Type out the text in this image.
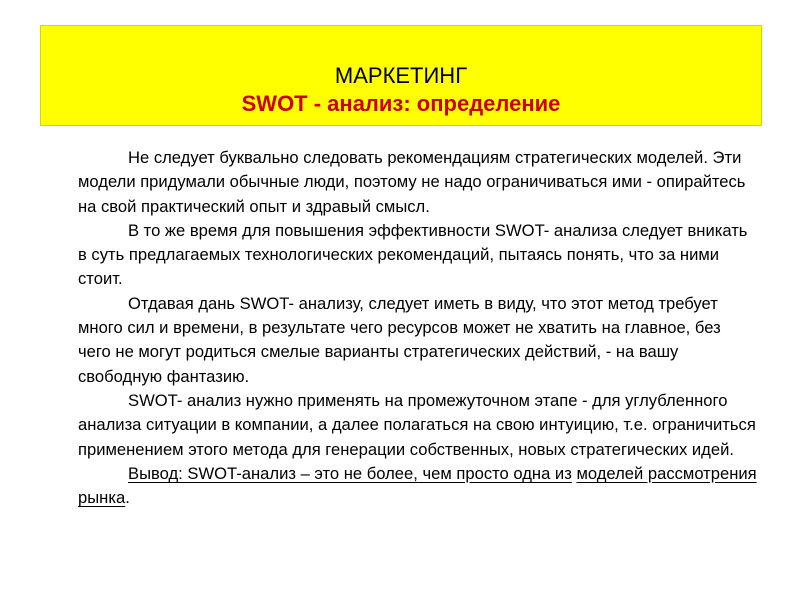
МАРКЕТИНГ
SWOT - анализ: определение

Не следует буквально следовать рекомендациям стратегических моделей. Эти модели придумали обычные люди, поэтому не надо ограничиваться ими - опирайтесь на свой практический опыт и здравый смысл.

В то же время для повышения эффективности SWOT- анализа следует вникать в суть предлагаемых технологических рекомендаций, пытаясь понять, что за ними стоит.

Отдавая дань SWOT- анализу, следует иметь в виду, что этот метод требует много сил и времени, в результате чего ресурсов может не хватить на главное, без чего не могут родиться смелые варианты стратегических действий, - на вашу свободную фантазию.

SWOT- анализ нужно применять на промежуточном этапе - для углубленного анализа ситуации в компании, а далее полагаться на свою интуицию, т.е. ограничиться применением этого метода для генерации собственных, новых стратегических идей.

Вывод: SWOT-анализ – это не более, чем просто одна из моделей рассмотрения рынка.
